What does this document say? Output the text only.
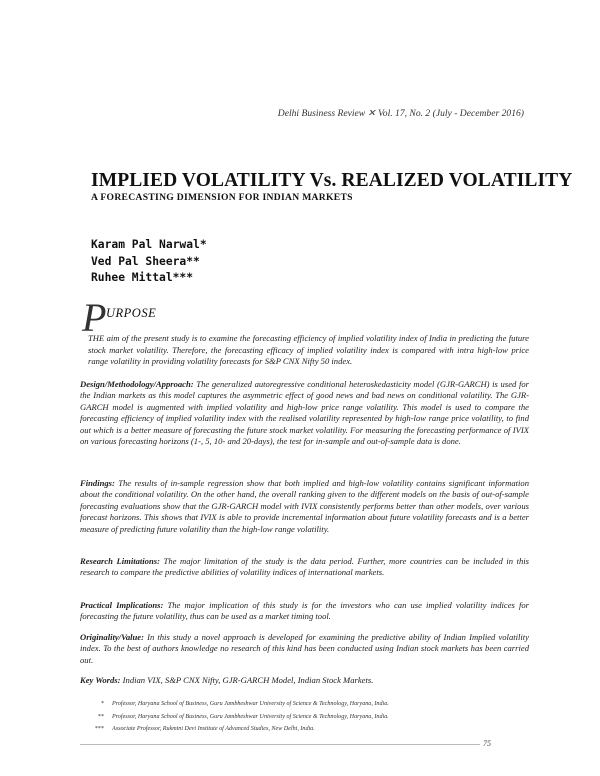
Delhi Business Review ✕ Vol. 17, No. 2 (July - December 2016)
IMPLIED VOLATILITY Vs. REALIZED VOLATILITY
A FORECASTING DIMENSION FOR INDIAN MARKETS
Karam Pal Narwal*
Ved Pal Sheera**
Ruhee Mittal***
P URPOSE

THE aim of the present study is to examine the forecasting efficiency of implied volatility index of India in predicting the future stock market volatility. Therefore, the forecasting efficacy of implied volatility index is compared with intra high-low price range volatility in providing volatility forecasts for S&P CNX Nifty 50 index.

Design/Methodology/Approach: The generalized autoregressive conditional heteroskedasticity model (GJR-GARCH) is used for the Indian markets as this model captures the asymmetric effect of good news and bad news on conditional volatility. The GJR-GARCH model is augmented with implied volatility and high-low price range volatility. This model is used to compare the forecasting efficiency of implied volatility index with the realised volatility represented by high-low range price volatility, to find out which is a better measure of forecasting the future stock market volatility. For measuring the forecasting performance of IVIX on various forecasting horizons (1-, 5, 10- and 20-days), the test for in-sample and out-of-sample data is done.

Findings: The results of in-sample regression show that both implied and high-low volatility contains significant information about the conditional volatility. On the other hand, the overall ranking given to the different models on the basis of out-of-sample forecasting evaluations show that the GJR-GARCH model with IVIX consistently performs better than other models, over various forecast horizons. This shows that IVIX is able to provide incremental information about future volatility forecasts and is a better measure of predicting future volatility than the high-low range volatility.

Research Limitations: The major limitation of the study is the data period. Further, more countries can be included in this research to compare the predictive abilities of volatility indices of international markets.

Practical Implications: The major implication of this study is for the investors who can use implied volatility indices for forecasting the future volatility, thus can be used as a market timing tool.

Originality/Value: In this study a novel approach is developed for examining the predictive ability of Indian Implied volatility index. To the best of authors knowledge no research of this kind has been conducted using Indian stock markets has been carried out.

Key Words: Indian VIX, S&P CNX Nifty, GJR-GARCH Model, Indian Stock Markets.

*	Professor, Haryana School of Business, Guru Jambheshwar University of Science & Technology, Haryana, India.
**	Professor, Haryana School of Business, Guru Jambheshwar University of Science & Technology, Haryana, India.
***	Associate Professor, Rukmini Devi Institute of Advanced Studies, New Delhi, India.
75
